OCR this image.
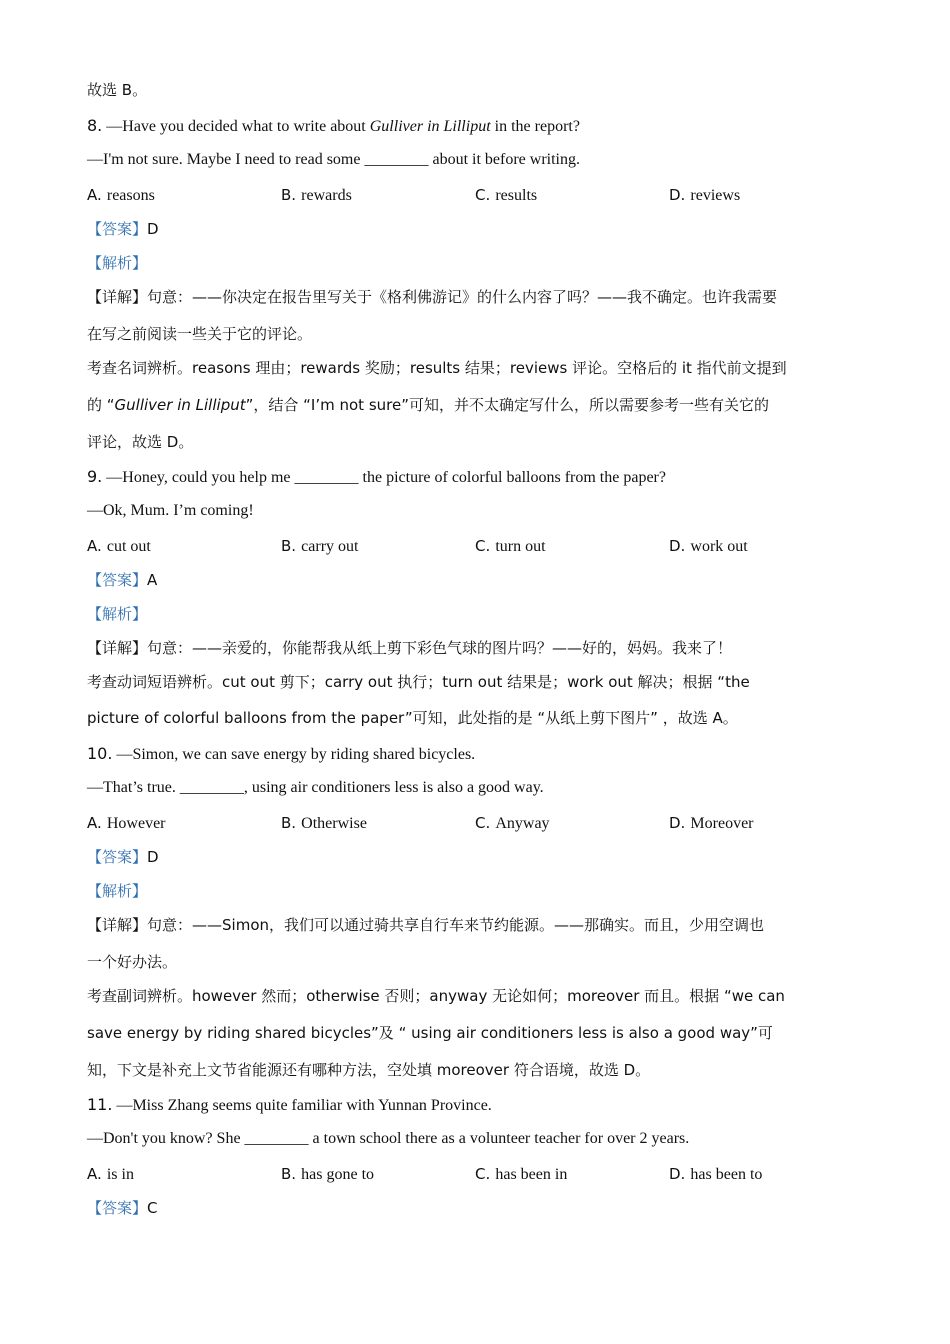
故选 B。
8. —Have you decided what to write about Gulliver in Lilliput in the report?
—I'm not sure. Maybe I need to read some ________ about it before writing.
A. reasons	B. rewards	C. results	D. reviews
【答案】D
【解析】
【详解】句意：——你决定在报告里写关于《格利佛游记》的什么内容了吗？——我不确定。也许我需要
在写之前阅读一些关于它的评论。
考查名词辨析。reasons 理由；rewards 奖励；results 结果；reviews 评论。空格后的 it 指代前文提到
的 “Gulliver in Lilliput”，结合 “I’m not sure”可知，并不太确定写什么，所以需要参考一些有关它的
评论，故选 D。
9. —Honey, could you help me ________ the picture of colorful balloons from the paper?
—Ok, Mum. I’m coming!
A. cut out	B. carry out	C. turn out	D. work out
【答案】A
【解析】
【详解】句意：——亲爱的，你能帮我从纸上剪下彩色气球的图片吗？——好的，妈妈。我来了！
考查动词短语辨析。cut out 剪下；carry out 执行；turn out 结果是；work out 解决；根据 “the
picture of colorful balloons from the paper”可知，此处指的是 “从纸上剪下图片” ，故选 A。
10. —Simon, we can save energy by riding shared bicycles.
—That’s true. ________, using air conditioners less is also a good way.
A. However	B. Otherwise	C. Anyway	D. Moreover
【答案】D
【解析】
【详解】句意：——Simon，我们可以通过骑共享自行车来节约能源。——那确实。而且，少用空调也
一个好办法。
考查副词辨析。however 然而；otherwise 否则；anyway 无论如何；moreover 而且。根据 “we can
save energy by riding shared bicycles”及 “ using air conditioners less is also a good way”可
知，下文是补充上文节省能源还有哪种方法，空处填 moreover 符合语境，故选 D。
11. —Miss Zhang seems quite familiar with Yunnan Province.
—Don't you know? She ________ a town school there as a volunteer teacher for over 2 years.
A. is in	B. has gone to	C. has been in	D. has been to
【答案】C
